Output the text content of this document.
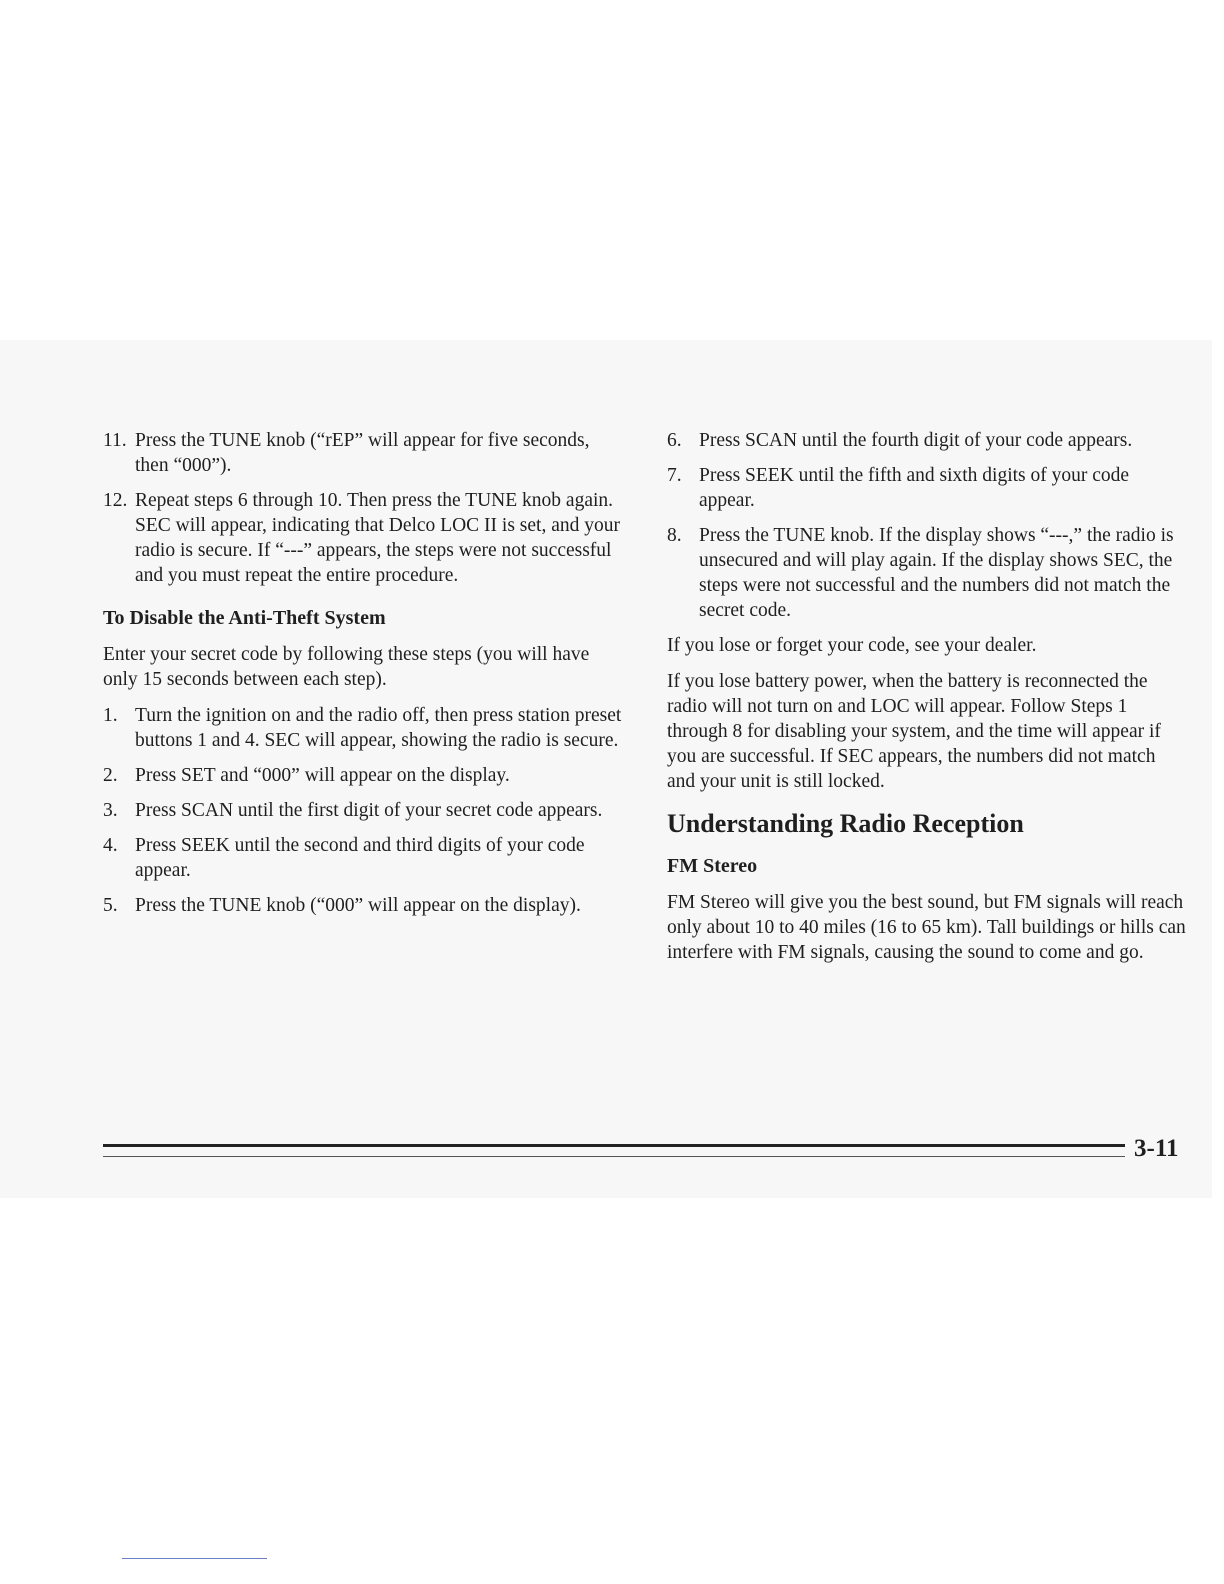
11. Press the TUNE knob (“rEP” will appear for five seconds, then “000”).
12. Repeat steps 6 through 10. Then press the TUNE knob again. SEC will appear, indicating that Delco LOC II is set, and your radio is secure. If “---” appears, the steps were not successful and you must repeat the entire procedure.
To Disable the Anti-Theft System

Enter your secret code by following these steps (you will have only 15 seconds between each step).

1. Turn the ignition on and the radio off, then press station preset buttons 1 and 4. SEC will appear, showing the radio is secure.
2. Press SET and “000” will appear on the display.
3. Press SCAN until the first digit of your secret code appears.
4. Press SEEK until the second and third digits of your code appear.
5. Press the TUNE knob (“000” will appear on the display).
6. Press SCAN until the fourth digit of your code appears.
7. Press SEEK until the fifth and sixth digits of your code appear.
8. Press the TUNE knob. If the display shows “---,” the radio is unsecured and will play again. If the display shows SEC, the steps were not successful and the numbers did not match the secret code.

If you lose or forget your code, see your dealer.

If you lose battery power, when the battery is reconnected the radio will not turn on and LOC will appear. Follow Steps 1 through 8 for disabling your system, and the time will appear if you are successful. If SEC appears, the numbers did not match and your unit is still locked.

Understanding Radio Reception
FM Stereo

FM Stereo will give you the best sound, but FM signals will reach only about 10 to 40 miles (16 to 65 km). Tall buildings or hills can interfere with FM signals, causing the sound to come and go.

3-11
